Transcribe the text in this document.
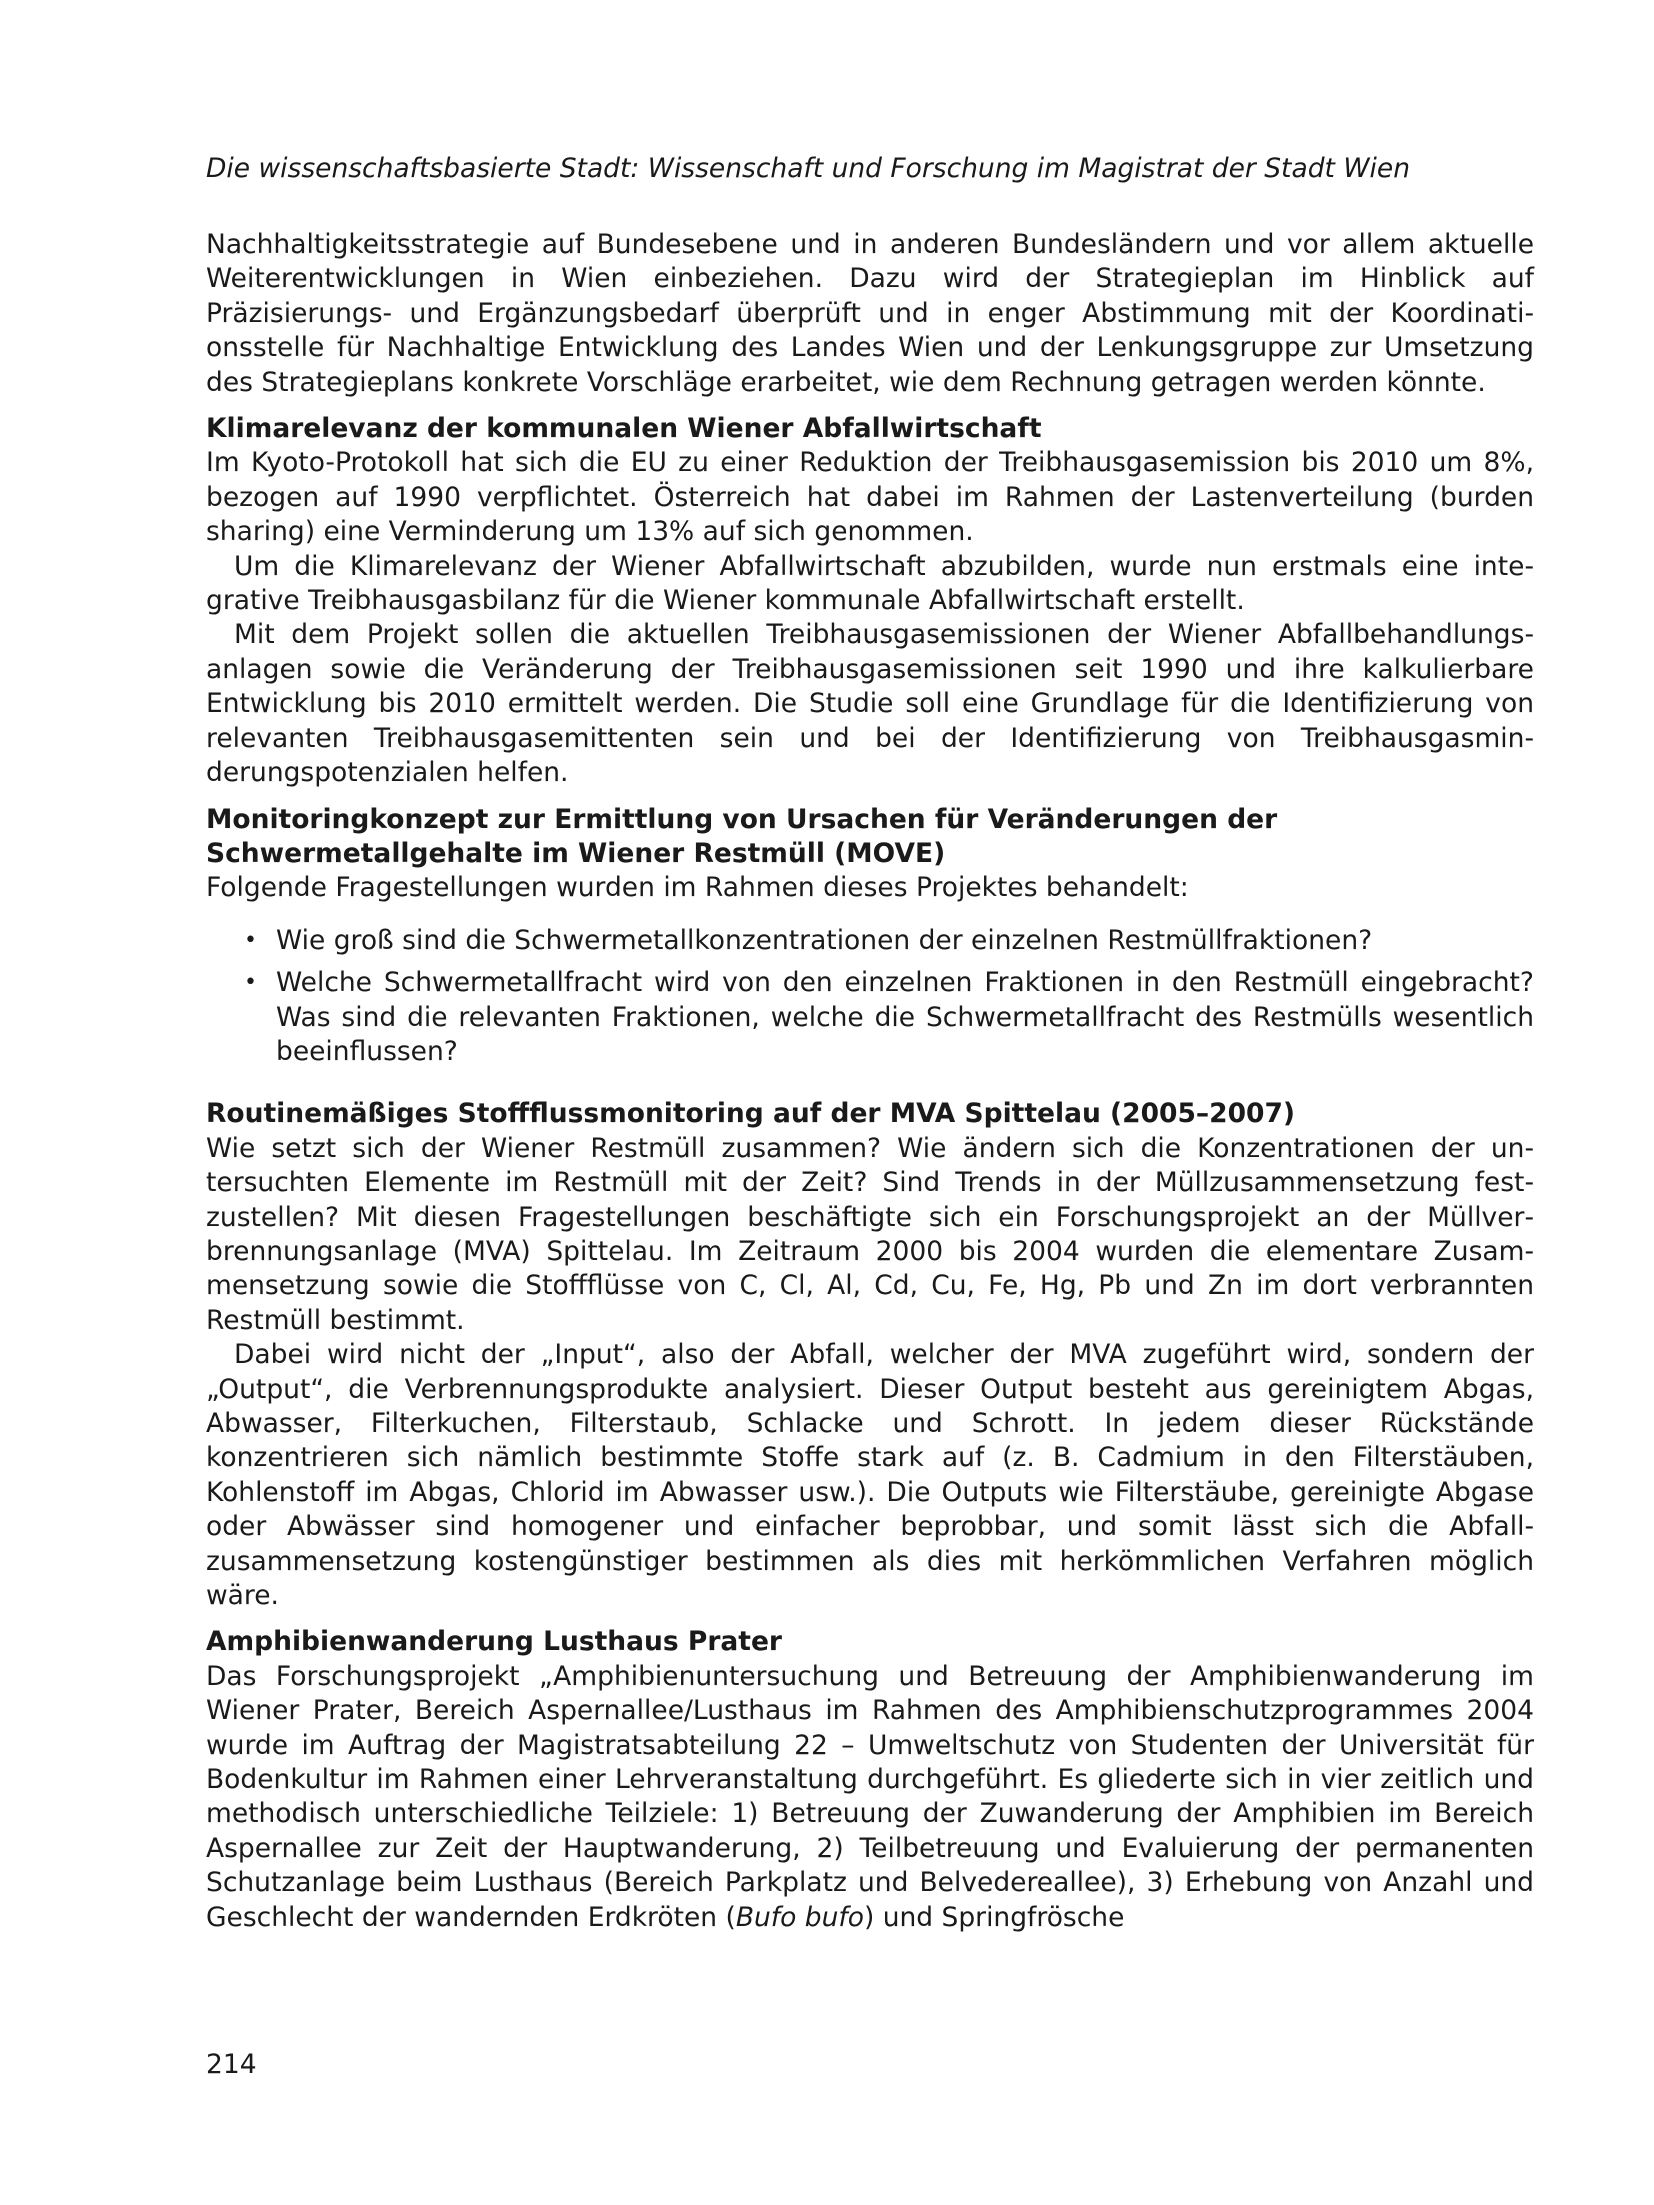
Die wissenschaftsbasierte Stadt: Wissenschaft und Forschung im Magistrat der Stadt Wien

Nachhaltigkeitsstrategie auf Bundesebene und in anderen Bundesländern und vor allem aktuelle Weiterentwicklungen in Wien einbeziehen. Dazu wird der Strategieplan im Hinblick auf Präzisierungs- und Ergänzungsbedarf überprüft und in enger Abstimmung mit der Koordinationsstelle für Nachhaltige Entwicklung des Landes Wien und der Lenkungsgruppe zur Umsetzung des Strategieplans konkrete Vorschläge erarbeitet, wie dem Rechnung getragen werden könnte.

Klimarelevanz der kommunalen Wiener Abfallwirtschaft

Im Kyoto-Protokoll hat sich die EU zu einer Reduktion der Treibhausgasemission bis 2010 um 8%, bezogen auf 1990 verpflichtet. Österreich hat dabei im Rahmen der Lastenverteilung (burden sharing) eine Verminderung um 13% auf sich genommen.

Um die Klimarelevanz der Wiener Abfallwirtschaft abzubilden, wurde nun erstmals eine integrative Treibhausgasbilanz für die Wiener kommunale Abfallwirtschaft erstellt.

Mit dem Projekt sollen die aktuellen Treibhausgasemissionen der Wiener Abfallbehandlungsanlagen sowie die Veränderung der Treibhausgasemissionen seit 1990 und ihre kalkulierbare Entwicklung bis 2010 ermittelt werden. Die Studie soll eine Grundlage für die Identifizierung von relevanten Treibhausgasemittenten sein und bei der Identifizierung von Treibhausgasminderungspotenzialen helfen.

Monitoringkonzept zur Ermittlung von Ursachen für Veränderungen der Schwermetallgehalte im Wiener Restmüll (MOVE)

Folgende Fragestellungen wurden im Rahmen dieses Projektes behandelt:

• Wie groß sind die Schwermetallkonzentrationen der einzelnen Restmüllfraktionen?
• Welche Schwermetallfracht wird von den einzelnen Fraktionen in den Restmüll eingebracht? Was sind die relevanten Fraktionen, welche die Schwermetallfracht des Restmülls wesentlich beeinflussen?
Routinemäßiges Stoffflussmonitoring auf der MVA Spittelau (2005–2007)

Wie setzt sich der Wiener Restmüll zusammen? Wie ändern sich die Konzentrationen der untersuchten Elemente im Restmüll mit der Zeit? Sind Trends in der Müllzusammensetzung festzustellen? Mit diesen Fragestellungen beschäftigte sich ein Forschungsprojekt an der Müllverbrennungsanlage (MVA) Spittelau. Im Zeitraum 2000 bis 2004 wurden die elementare Zusammensetzung sowie die Stoffflüsse von C, Cl, Al, Cd, Cu, Fe, Hg, Pb und Zn im dort verbrannten Restmüll bestimmt.

Dabei wird nicht der „Input“, also der Abfall, welcher der MVA zugeführt wird, sondern der „Output“, die Verbrennungsprodukte analysiert. Dieser Output besteht aus gereinigtem Abgas, Abwasser, Filterkuchen, Filterstaub, Schlacke und Schrott. In jedem dieser Rückstände konzentrieren sich nämlich bestimmte Stoffe stark auf (z. B. Cadmium in den Filterstäuben, Kohlenstoff im Abgas, Chlorid im Abwasser usw.). Die Outputs wie Filterstäube, gereinigte Abgase oder Abwässer sind homogener und einfacher beprobbar, und somit lässt sich die Abfallzusammensetzung kostengünstiger bestimmen als dies mit herkömmlichen Verfahren möglich wäre.

Amphibienwanderung Lusthaus Prater

Das Forschungsprojekt „Amphibienuntersuchung und Betreuung der Amphibienwanderung im Wiener Prater, Bereich Aspernallee/Lusthaus im Rahmen des Amphibienschutzprogrammes 2004 wurde im Auftrag der Magistratsabteilung 22 – Umweltschutz von Studenten der Universität für Bodenkultur im Rahmen einer Lehrveranstaltung durchgeführt. Es gliederte sich in vier zeitlich und methodisch unterschiedliche Teilziele: 1) Betreuung der Zuwanderung der Amphibien im Bereich Aspernallee zur Zeit der Hauptwanderung, 2) Teilbetreuung und Evaluierung der permanenten Schutzanlage beim Lusthaus (Bereich Parkplatz und Belvedereallee), 3) Erhebung von Anzahl und Geschlecht der wandernden Erdkröten (Bufo bufo) und Springfrösche

214
